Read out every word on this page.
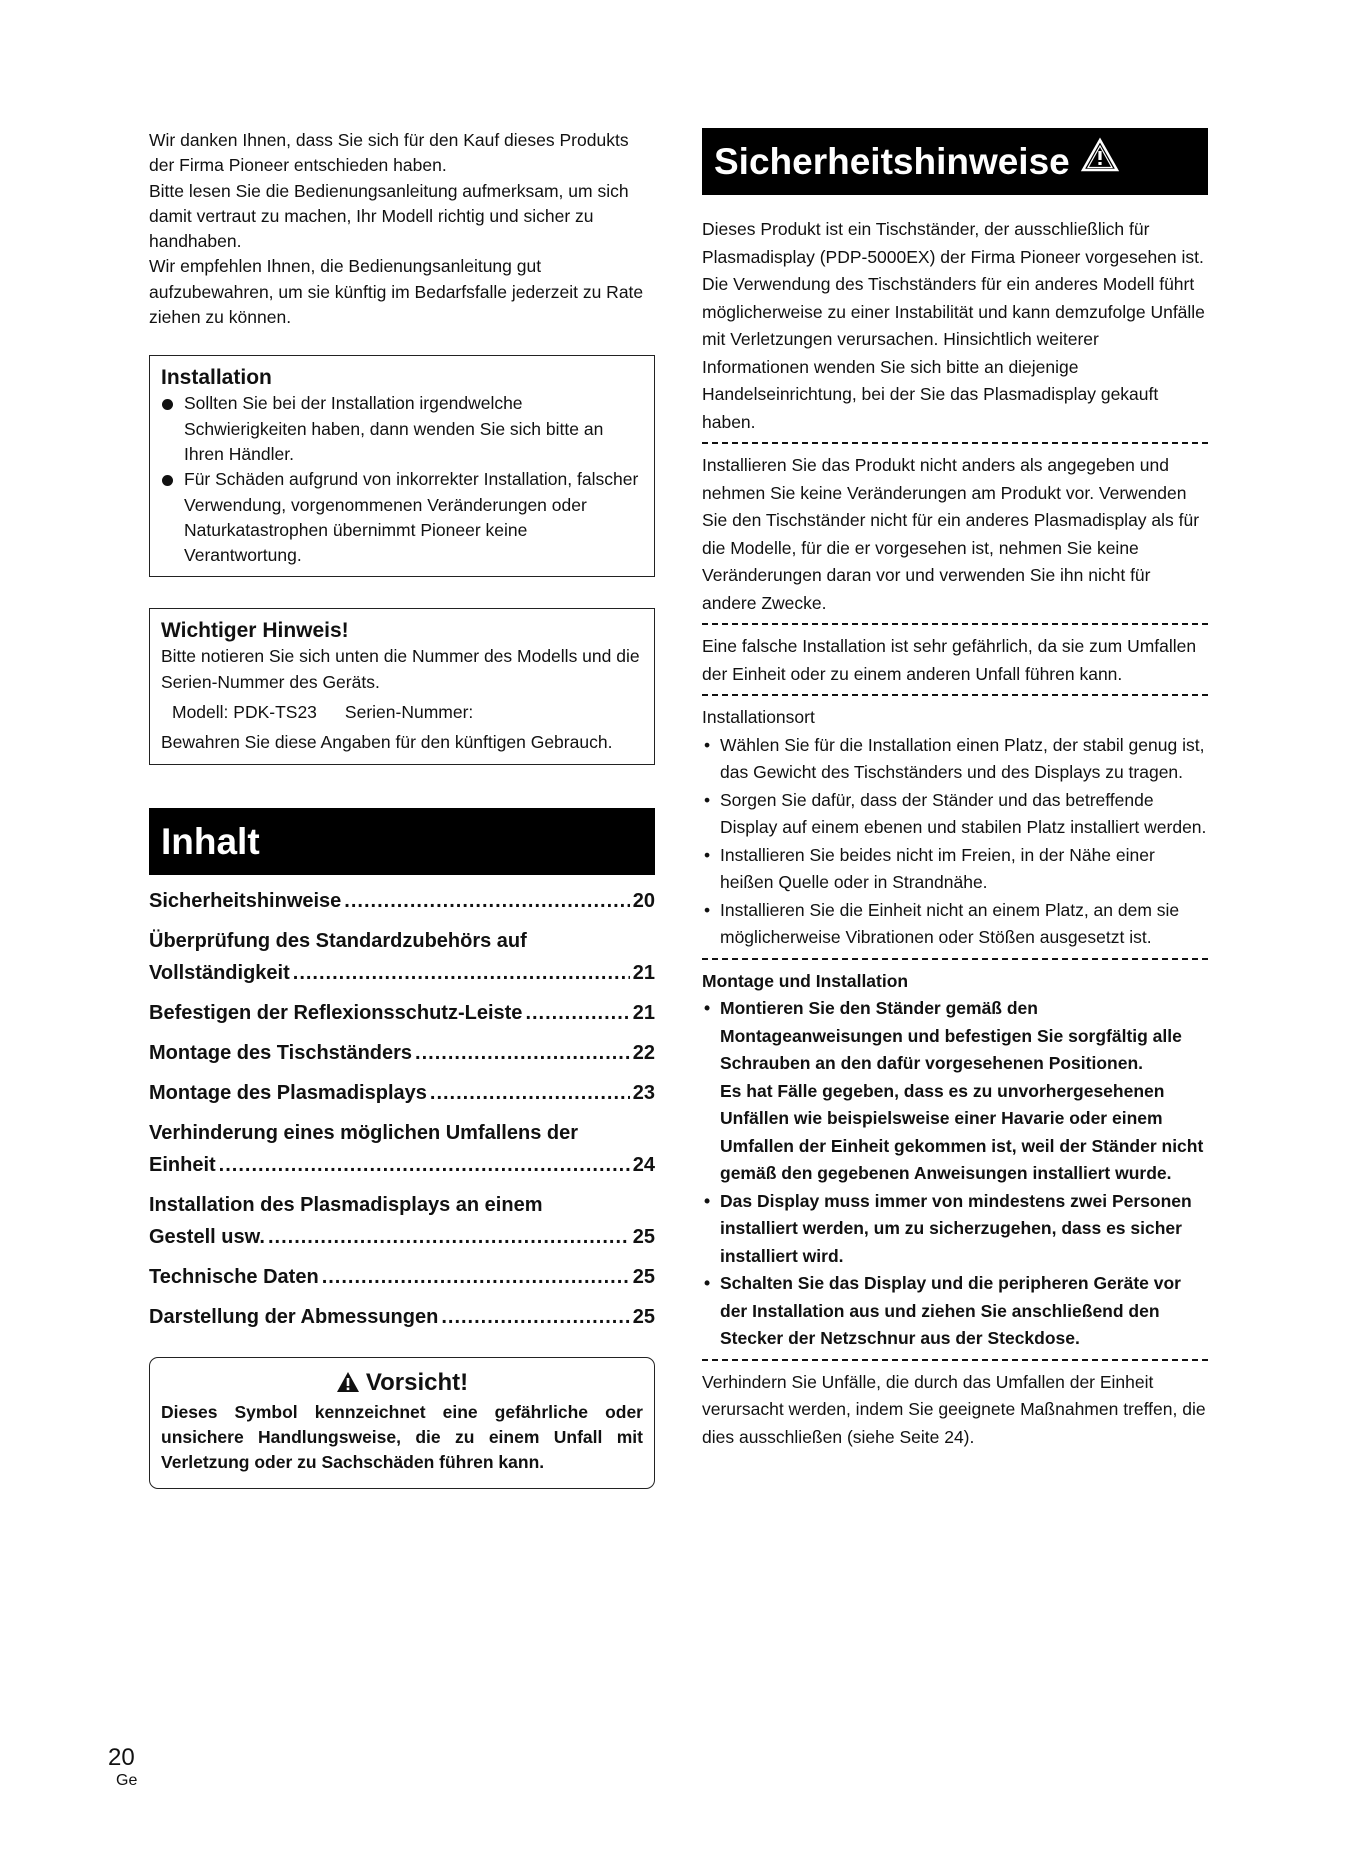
Wir danken Ihnen, dass Sie sich für den Kauf dieses Produkts der Firma Pioneer entschieden haben.

Bitte lesen Sie die Bedienungsanleitung aufmerksam, um sich damit vertraut zu machen, Ihr Modell richtig und sicher zu handhaben.

Wir empfehlen Ihnen, die Bedienungsanleitung gut aufzubewahren, um sie künftig im Bedarfsfalle jederzeit zu Rate ziehen zu können.

Installation
Sollten Sie bei der Installation irgendwelche Schwierigkeiten haben, dann wenden Sie sich bitte an Ihren Händler.
Für Schäden aufgrund von inkorrekter Installation, falscher Verwendung, vorgenommenen Veränderungen oder Naturkatastrophen übernimmt Pioneer keine Verantwortung.
Wichtiger Hinweis!
Bitte notieren Sie sich unten die Nummer des Modells und die Serien-Nummer des Geräts.
Modell: PDK-TS23 Serien-Nummer:
Bewahren Sie diese Angaben für den künftigen Gebrauch.
Inhalt
Sicherheitshinweise .....	20
Überprüfung des Standardzubehörs auf
Vollständigkeit .....	21
Befestigen der Reflexionsschutz-Leiste .....	21
Montage des Tischständers .....	22
Montage des Plasmadisplays .....	23
Verhinderung eines möglichen Umfallens der
Einheit .....	24
Installation des Plasmadisplays an einem
Gestell usw. .....	25
Technische Daten .....	25
Darstellung der Abmessungen .....	25
Vorsicht!
Dieses Symbol kennzeichnet eine gefährliche oder unsichere Handlungsweise, die zu einem Unfall mit Verletzung oder zu Sachschäden führen kann.
Sicherheitshinweise
Dieses Produkt ist ein Tischständer, der ausschließlich für Plasmadisplay (PDP-5000EX) der Firma Pioneer vorgesehen ist. Die Verwendung des Tischständers für ein anderes Modell führt möglicherweise zu einer Instabilität und kann demzufolge Unfälle mit Verletzungen verursachen. Hinsichtlich weiterer Informationen wenden Sie sich bitte an diejenige Handelseinrichtung, bei der Sie das Plasmadisplay gekauft haben.
Installieren Sie das Produkt nicht anders als angegeben und nehmen Sie keine Veränderungen am Produkt vor. Verwenden Sie den Tischständer nicht für ein anderes Plasmadisplay als für die Modelle, für die er vorgesehen ist, nehmen Sie keine Veränderungen daran vor und verwenden Sie ihn nicht für andere Zwecke.
Eine falsche Installation ist sehr gefährlich, da sie zum Umfallen der Einheit oder zu einem anderen Unfall führen kann.
Installationsort
• Wählen Sie für die Installation einen Platz, der stabil genug ist, das Gewicht des Tischständers und des Displays zu tragen.
• Sorgen Sie dafür, dass der Ständer und das betreffende Display auf einem ebenen und stabilen Platz installiert werden.
• Installieren Sie beides nicht im Freien, in der Nähe einer heißen Quelle oder in Strandnähe.
• Installieren Sie die Einheit nicht an einem Platz, an dem sie möglicherweise Vibrationen oder Stößen ausgesetzt ist.
Montage und Installation
• Montieren Sie den Ständer gemäß den Montageanweisungen und befestigen Sie sorgfältig alle Schrauben an den dafür vorgesehenen Positionen.
Es hat Fälle gegeben, dass es zu unvorhergesehenen Unfällen wie beispielsweise einer Havarie oder einem Umfallen der Einheit gekommen ist, weil der Ständer nicht gemäß den gegebenen Anweisungen installiert wurde.
• Das Display muss immer von mindestens zwei Personen installiert werden, um zu sicherzugehen, dass es sicher installiert wird.
• Schalten Sie das Display und die peripheren Geräte vor der Installation aus und ziehen Sie anschließend den Stecker der Netzschnur aus der Steckdose.
Verhindern Sie Unfälle, die durch das Umfallen der Einheit verursacht werden, indem Sie geeignete Maßnahmen treffen, die dies ausschließen (siehe Seite 24).
20
Ge
